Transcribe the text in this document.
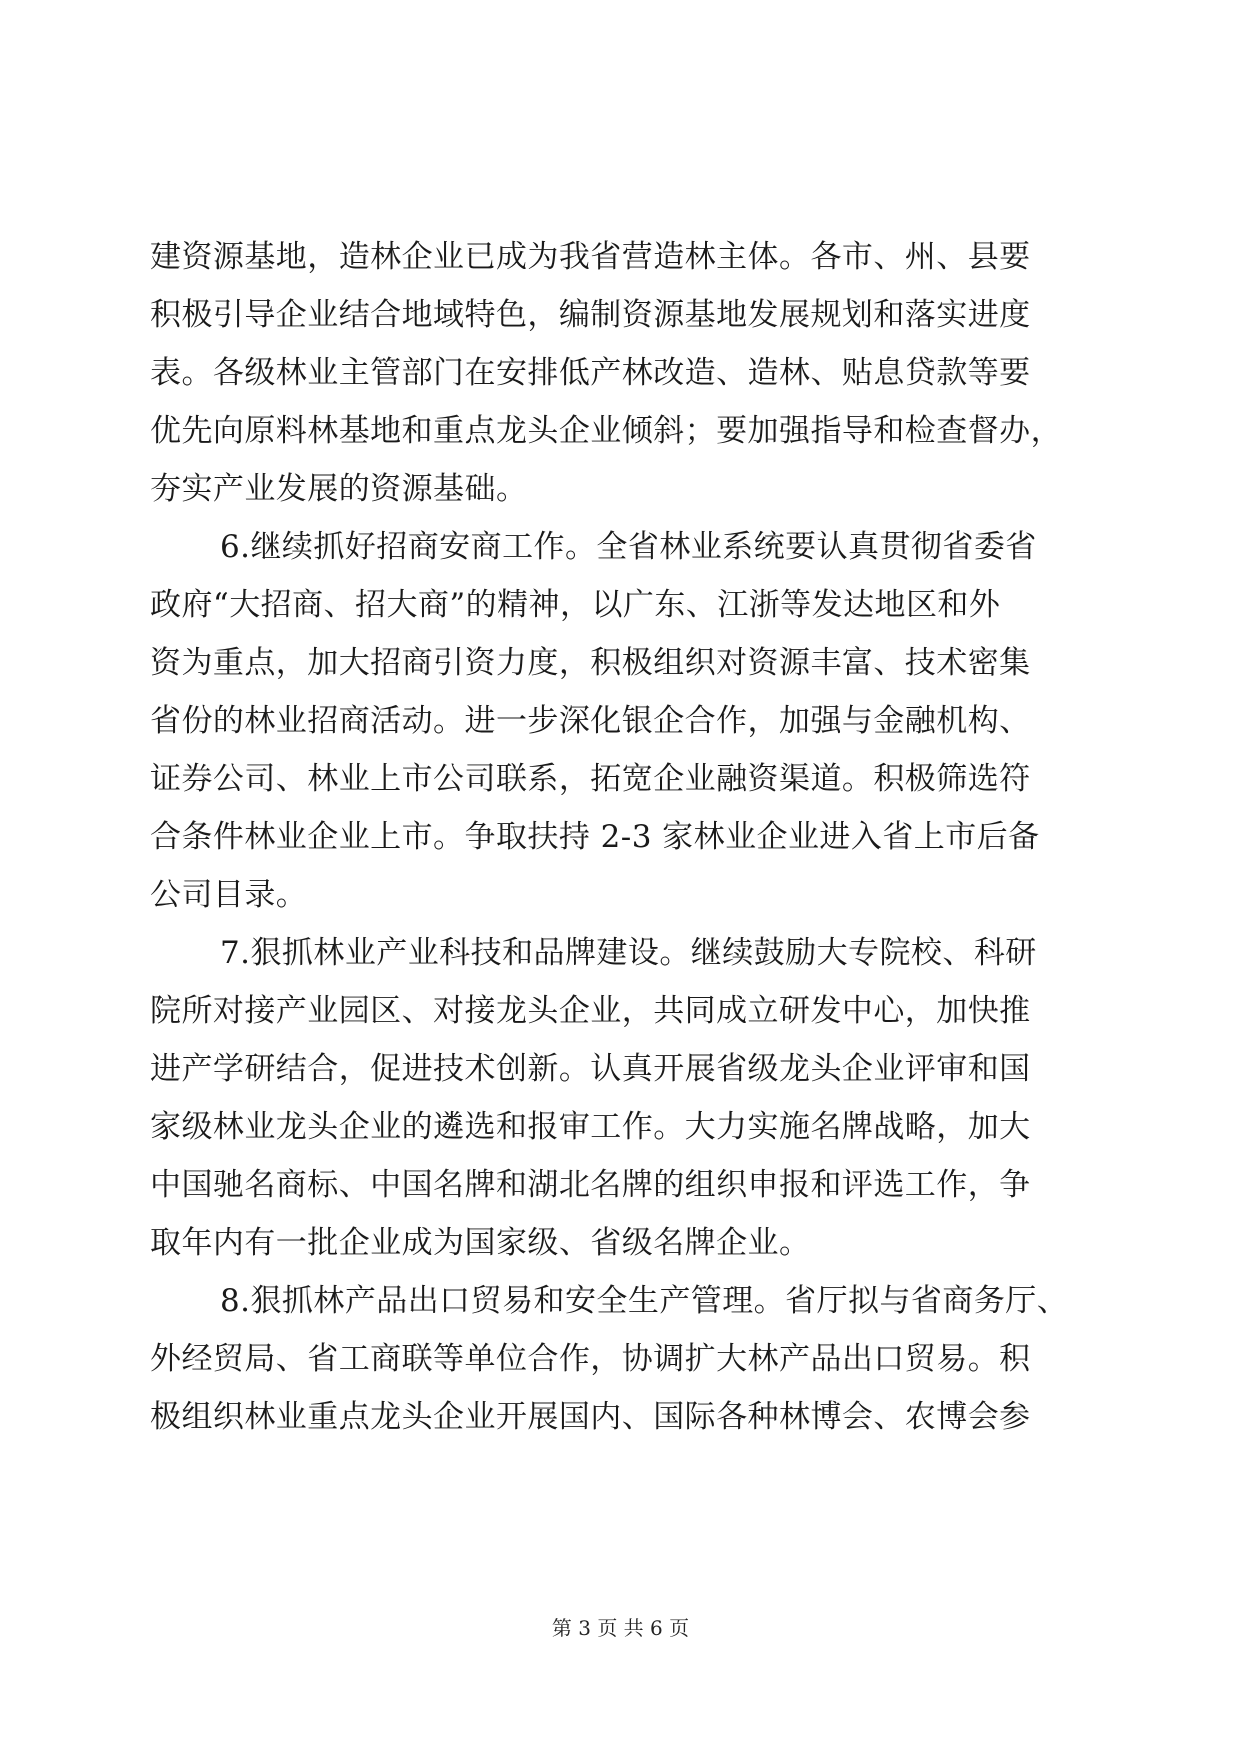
建资源基地，造林企业已成为我省营造林主体。各市、州、县要
积极引导企业结合地域特色，编制资源基地发展规划和落实进度
表。各级林业主管部门在安排低产林改造、造林、贴息贷款等要
优先向原料林基地和重点龙头企业倾斜；要加强指导和检查督办，
夯实产业发展的资源基础。
6.继续抓好招商安商工作。全省林业系统要认真贯彻省委省
政府“大招商、招大商”的精神，以广东、江浙等发达地区和外
资为重点，加大招商引资力度，积极组织对资源丰富、技术密集
省份的林业招商活动。进一步深化银企合作，加强与金融机构、
证券公司、林业上市公司联系，拓宽企业融资渠道。积极筛选符
合条件林业企业上市。争取扶持 2-3 家林业企业进入省上市后备
公司目录。
7.狠抓林业产业科技和品牌建设。继续鼓励大专院校、科研
院所对接产业园区、对接龙头企业，共同成立研发中心，加快推
进产学研结合，促进技术创新。认真开展省级龙头企业评审和国
家级林业龙头企业的遴选和报审工作。大力实施名牌战略，加大
中国驰名商标、中国名牌和湖北名牌的组织申报和评选工作，争
取年内有一批企业成为国家级、省级名牌企业。
8.狠抓林产品出口贸易和安全生产管理。省厅拟与省商务厅、
外经贸局、省工商联等单位合作，协调扩大林产品出口贸易。积
极组织林业重点龙头企业开展国内、国际各种林博会、农博会参
第 3 页 共 6 页
